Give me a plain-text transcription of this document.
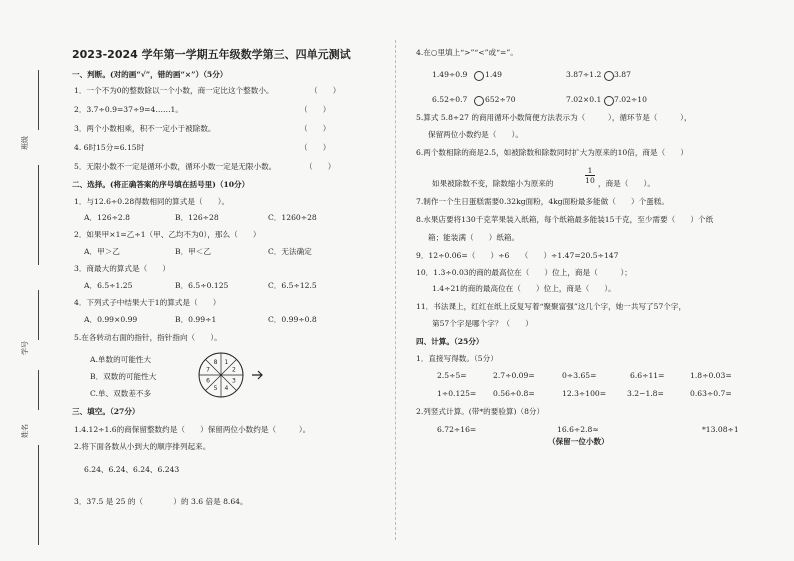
班级
学号
姓名
2023-2024 学年第一学期五年级数学第三、四单元测试
一、判断。(对的画“√”，错的画“×”）（5分）
1．一个不为0的整数除以一个小数，商一定比这个整数小。	（　　）
2．3.7÷0.9=37÷9=4……1。	（　　）
3．两个小数相乘，积不一定小于被除数。	（　　）
4. 6时15分=6.15时	（　　）
5．无限小数不一定是循环小数，循环小数一定是无限小数。	（　　）
二、选择。(将正确答案的序号填在括号里)（10分）
1．与12.6÷0.28得数相同的算式是（　　）。
A．126÷2.8	B．126÷28	C．1260÷28
2．如果甲×1=乙÷1（甲、乙均不为0），那么（　　）
A．甲＞乙	B．甲＜乙	C．无法确定
3．商最大的算式是（　　）
A．6.5÷1.25	B．6.5÷0.125	C．6.5÷12.5
4．下列式子中结果大于1的算式是（　　）
A．0.99×0.99	B．0.99÷1	C．0.99÷0.8
5.在各转动右面的指针，指针指向（　　）。
A.单数的可能性大
B．双数的可能性大
C.单、双数差不多
1
2
3
4
5
6
7
8
三、填空。（27分）
1.4.12÷1.6的商保留整数约是（　　）保留两位小数约是（　　　）。
2.将下面各数从小到大的顺序排列起来。
6.24、6.2̇4̇、6.24̇、6.243
3．37.5 是 25 的（　　　　）的 3.6 倍是 8.64。
4.在○里填上“>”“<”或“=”。
1.49÷0.9 1.49	3.87÷1.2 3.87
6.52÷0.7 652÷70	7.02×0.1 7.02÷10
5.算式 5.8÷27 的商用循环小数简便方法表示为（　　　），循环节是（　　　），
保留两位小数约是（　　）。
6.两个数相除的商是2.5，如被除数和除数同时扩大为原来的10倍，商是（　　）
如果被除数不变，除数缩小为原来的
1
10 ，商是（　　）。
7.制作一个生日蛋糕需要0.32kg面粉，4kg面粉最多能做（　　）个蛋糕。
8.水果店要将130千克苹果装入纸箱，每个纸箱最多能装15千克，至少需要（　　）个纸
箱；能装满（　　）纸箱。
9．12÷0.06=（　　）÷6　　（　　）÷1.47=20.5÷147
10．1.3÷0.03的商的最高位在（　　）位上，商是（　　　）；
1.4÷21的商的最高位在（　　）位上，商是（　　）。
11．书法课上，红红在纸上反复写着“聚聚富强”这几个字，她一共写了57个字，
第57个字是哪个字？（　　）
四、计算。（25分）
1．直接写得数。（5分）
2.5÷5=	2.7÷0.09=	0÷3.65=	6.6÷11=	1.8÷0.03=
1÷0.125= 0.56÷0.8=	12.3÷100=	3.2−1.8=	0.63÷0.7=
2.列竖式计算。(带*的要验算)（8分）
6.72÷16=	16.6÷2.8≈	*13.08÷1
（保留一位小数）
